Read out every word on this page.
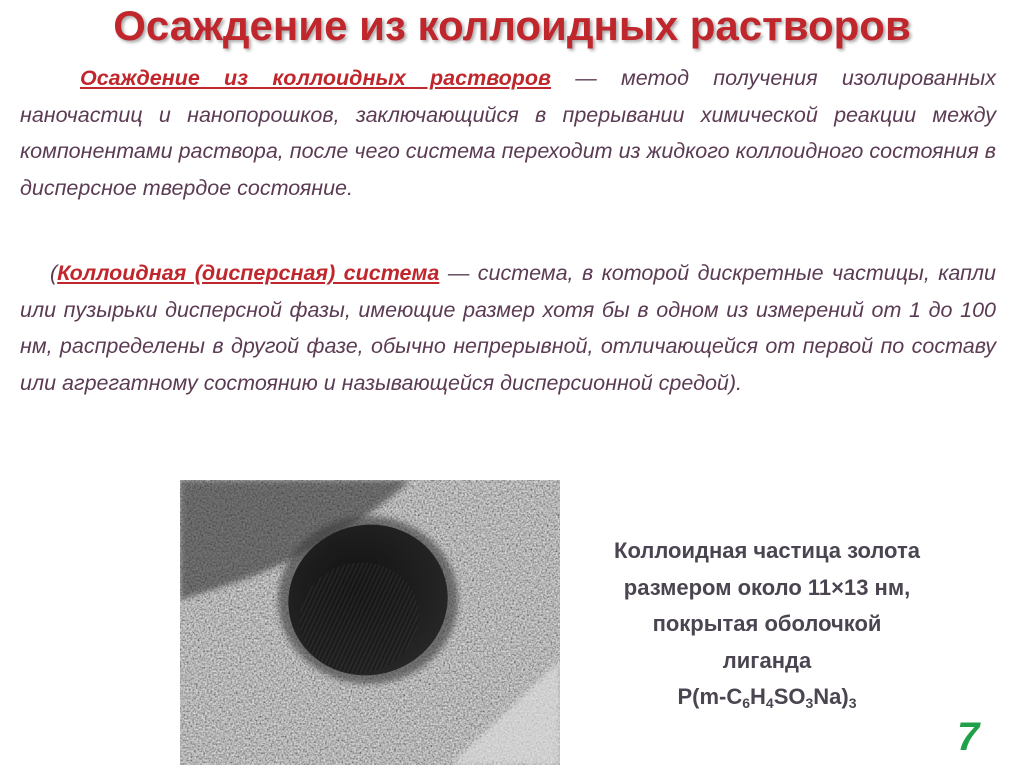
Осаждение из коллоидных растворов

Осаждение из коллоидных растворов — метод получения изолированных наночастиц и нанопорошков, заключающийся в прерывании химической реакции между компонентами раствора, после чего система переходит из жидкого коллоидного состояния в дисперсное твердое состояние.

(Коллоидная (дисперсная) система — система, в которой дискретные частицы, капли или пузырьки дисперсной фазы, имеющие размер хотя бы в одном из измерений от 1 до 100 нм, распределены в другой фазе, обычно непрерывной, отличающейся от первой по составу или агрегатному состоянию и называющейся дисперсионной средой).

Коллоидная частица золота
размером около 11×13 нм,
покрытая оболочкой
лиганда
$P(m-C_6H_4SO_3Na)_3$
7
